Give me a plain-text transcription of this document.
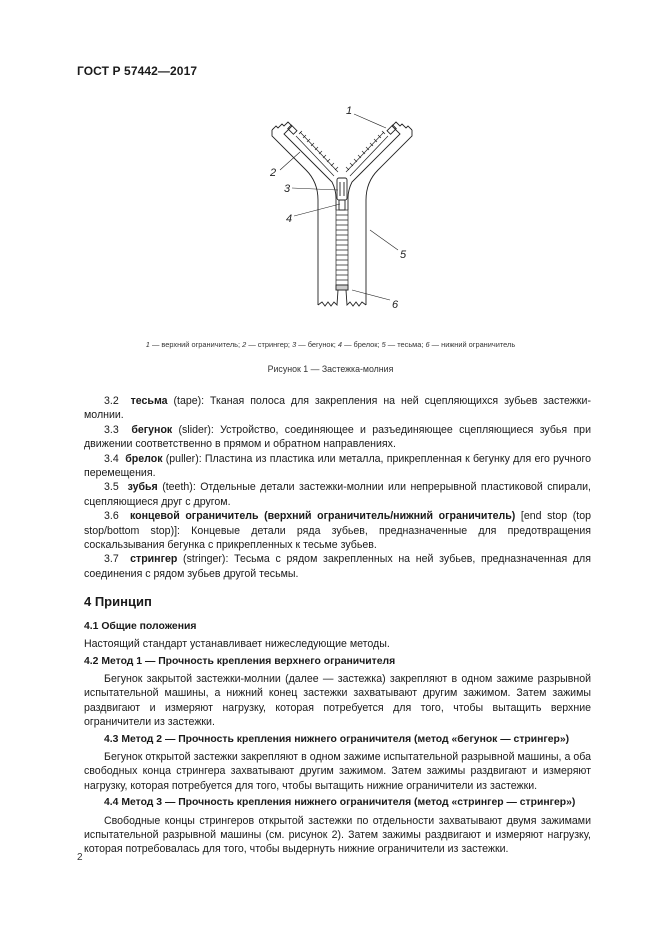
ГОСТ Р 57442—2017
1
2
3
4
5
6
1 — верхний ограничитель; 2 — стрингер; 3 — бегунок; 4 — брелок; 5 — тесьма; 6 — нижний ограничитель
Рисунок 1 — Застежка-молния

3.2 тесьма (tape): Тканая полоса для закрепления на ней сцепляющихся зубьев застежки-молнии.

3.3 бегунок (slider): Устройство, соединяющее и разъединяющее сцепляющиеся зубья при движении соответственно в прямом и обратном направлениях.

3.4 брелок (puller): Пластина из пластика или металла, прикрепленная к бегунку для его ручного перемещения.

3.5 зубья (teeth): Отдельные детали застежки-молнии или непрерывной пластиковой спирали, сцепляющиеся друг с другом.

3.6 концевой ограничитель (верхний ограничитель/нижний ограничитель) [end stop (top stop/bottom stop)]: Концевые детали ряда зубьев, предназначенные для предотвращения соскальзывания бегунка с прикрепленных к тесьме зубьев.

3.7 стрингер (stringer): Тесьма с рядом закрепленных на ней зубьев, предназначенная для соединения с рядом зубьев другой тесьмы.

4 Принцип

4.1 Общие положения

Настоящий стандарт устанавливает нижеследующие методы.

4.2 Метод 1 — Прочность крепления верхнего ограничителя

Бегунок закрытой застежки-молнии (далее — застежка) закрепляют в одном зажиме разрывной испытательной машины, а нижний конец застежки захватывают другим зажимом. Затем зажимы раздвигают и измеряют нагрузку, которая потребуется для того, чтобы вытащить верхние ограничители из застежки.

4.3 Метод 2 — Прочность крепления нижнего ограничителя (метод «бегунок — стрингер»)

Бегунок открытой застежки закрепляют в одном зажиме испытательной разрывной машины, а оба свободных конца стрингера захватывают другим зажимом. Затем зажимы раздвигают и измеряют нагрузку, которая потребуется для того, чтобы вытащить нижние ограничители из застежки.

4.4 Метод 3 — Прочность крепления нижнего ограничителя (метод «стрингер — стрингер»)

Свободные концы стрингеров открытой застежки по отдельности захватывают двумя зажимами испытательной разрывной машины (см. рисунок 2). Затем зажимы раздвигают и измеряют нагрузку, которая потребовалась для того, чтобы выдернуть нижние ограничители из застежки.

2
